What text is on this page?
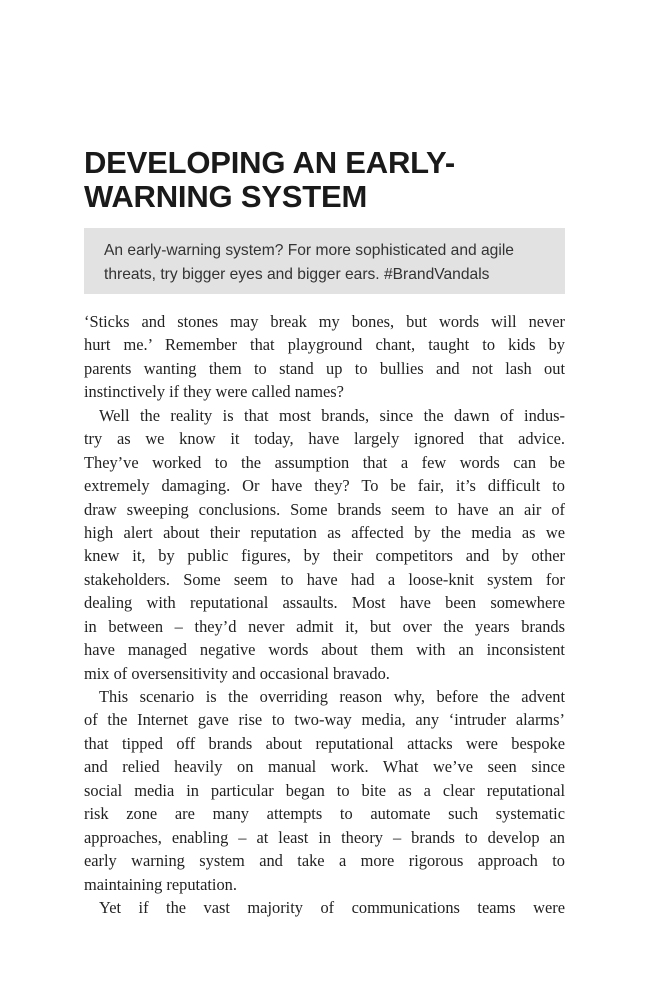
DEVELOPING AN EARLY-
WARNING SYSTEM
An early-warning system? For more sophisticated and agile
threats, try bigger eyes and bigger ears. #BrandVandals
‘Sticks and stones may break my bones, but words will never
hurt me.’ Remember that playground chant, taught to kids by
parents wanting them to stand up to bullies and not lash out
instinctively if they were called names?
Well the reality is that most brands, since the dawn of indus-
try as we know it today, have largely ignored that advice.
They’ve worked to the assumption that a few words can be
extremely damaging. Or have they? To be fair, it’s difficult to
draw sweeping conclusions. Some brands seem to have an air of
high alert about their reputation as affected by the media as we
knew it, by public figures, by their competitors and by other
stakeholders. Some seem to have had a loose-knit system for
dealing with reputational assaults. Most have been somewhere
in between – they’d never admit it, but over the years brands
have managed negative words about them with an inconsistent
mix of oversensitivity and occasional bravado.
This scenario is the overriding reason why, before the advent
of the Internet gave rise to two-way media, any ‘intruder alarms’
that tipped off brands about reputational attacks were bespoke
and relied heavily on manual work. What we’ve seen since
social media in particular began to bite as a clear reputational
risk zone are many attempts to automate such systematic
approaches, enabling – at least in theory – brands to develop an
early warning system and take a more rigorous approach to
maintaining reputation.
Yet if the vast majority of communications teams were
